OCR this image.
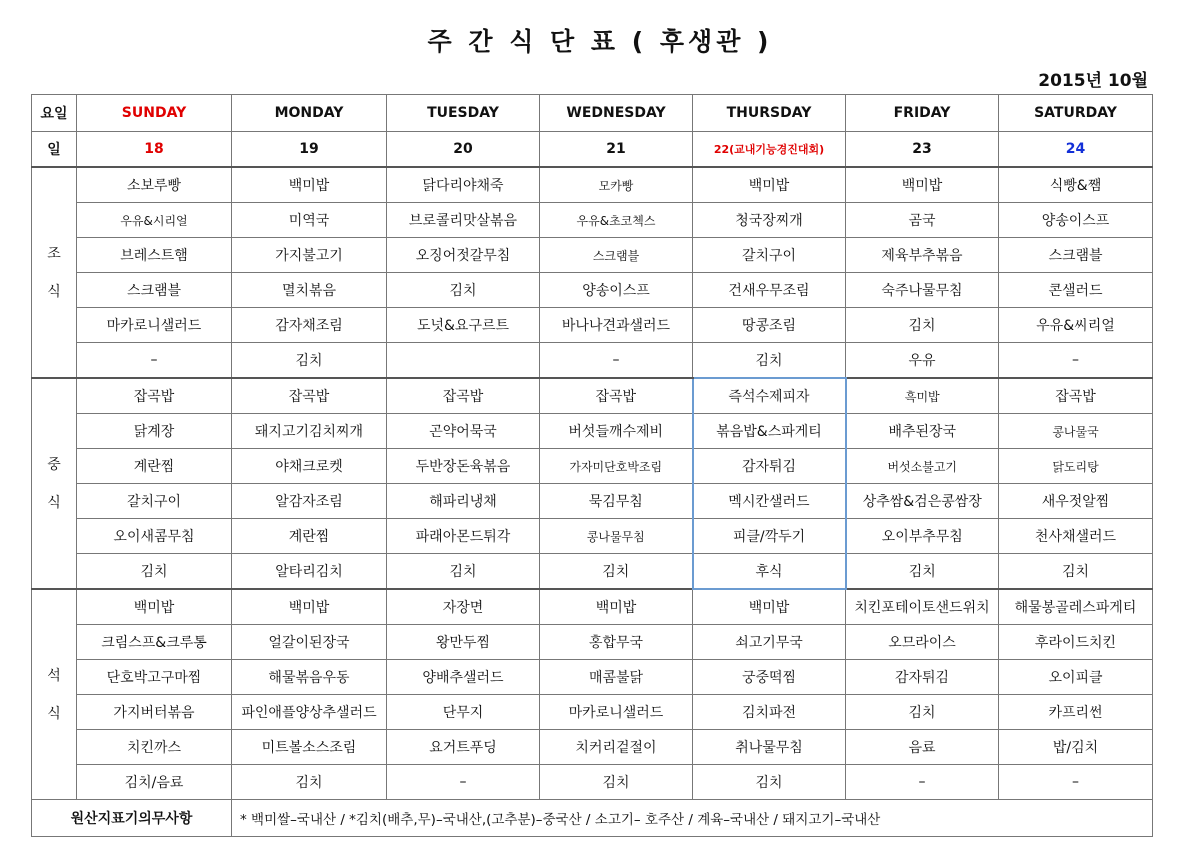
주 간 식 단 표 ( 후생관 )
2015년 10월
요일	SUNDAY	MONDAY	TUESDAY	WEDNESDAY	THURSDAY	FRIDAY	SATURDAY
일	18	19	20	21	22(교내기능경진대회)	23	24

조
식	소보루빵	백미밥	닭다리야채죽	모카빵	백미밥	백미밥	식빵&쨈
	우유&시리얼	미역국	브로콜리맛살볶음	우유&초코첵스	청국장찌개	곰국	양송이스프
	브레스트햄	가지불고기	오징어젓갈무침	스크램블	갈치구이	제육부추볶음	스크램블
	스크램블	멸치볶음	김치	양송이스프	건새우무조림	숙주나물무침	콘샐러드
	마카로니샐러드	감자채조림	도넛&요구르트	바나나견과샐러드	땅콩조림	김치	우유&씨리얼
	–	김치		–	김치	우유	–

중
식	잡곡밥	잡곡밥	잡곡밥	잡곡밥	즉석수제피자	흑미밥	잡곡밥
	닭계장	돼지고기김치찌개	곤약어묵국	버섯들깨수제비	볶음밥&스파게티	배추된장국	콩나물국
	계란찜	야채크로켓	두반장돈육볶음	가자미단호박조림	감자튀김	버섯소불고기	닭도리탕
	갈치구이	알감자조림	해파리냉채	묵김무침	멕시칸샐러드	상추쌈&검은콩쌈장	새우젓알찜
	오이새콤무침	계란찜	파래아몬드튀각	콩나물무침	피클/깍두기	오이부추무침	천사채샐러드
	김치	알타리김치	김치	김치	후식	김치	김치

석
식	백미밥	백미밥	자장면	백미밥	백미밥	치킨포테이토샌드위치	해물봉골레스파게티
	크림스프&크루통	얼갈이된장국	왕만두찜	홍합무국	쇠고기무국	오므라이스	후라이드치킨
	단호박고구마찜	해물볶음우동	양배추샐러드	매콤불닭	궁중떡찜	감자튀김	오이피클
	가지버터볶음	파인애플양상추샐러드	단무지	마카로니샐러드	김치파전	김치	카프리썬
	치킨까스	미트볼소스조림	요거트푸딩	치커리겉절이	취나물무침	음료	밥/김치
	김치/음료	김치	–	김치	김치	–	–
원산지표기의무사항		* 백미쌀–국내산 / *김치(배추,무)–국내산,(고추분)–중국산 / 소고기– 호주산 / 계육–국내산 / 돼지고기–국내산					
